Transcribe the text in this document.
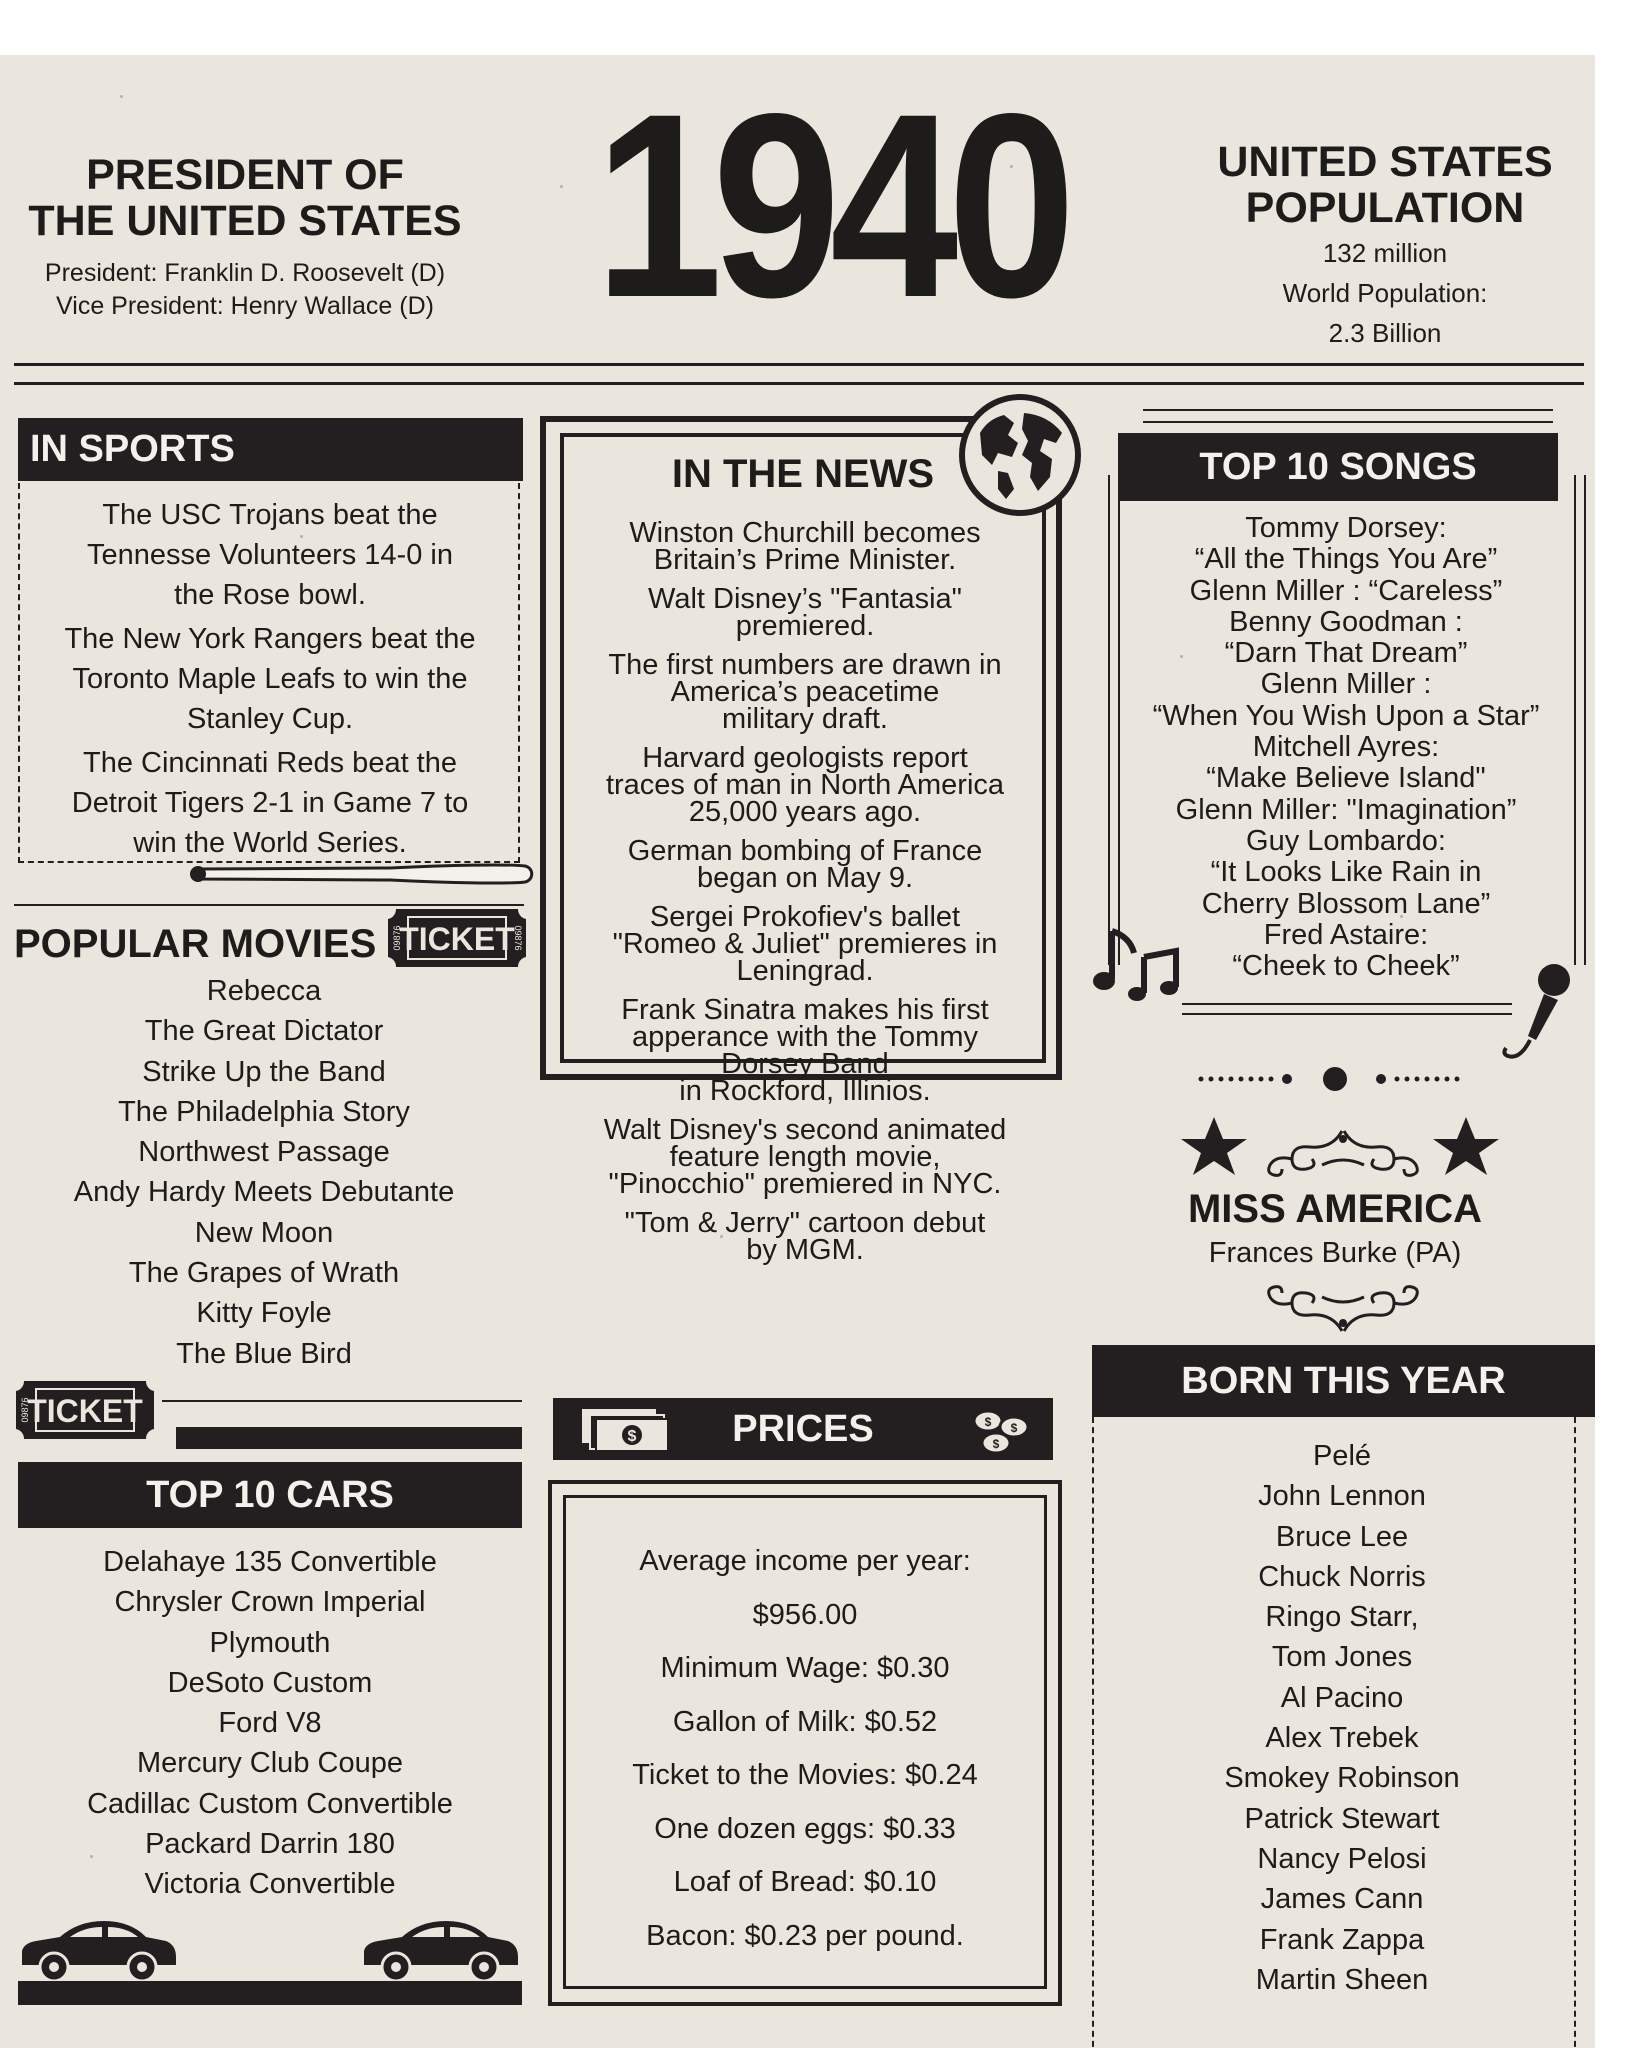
PRESIDENT OF
THE UNITED STATES
President: Franklin D. Roosevelt (D)
Vice President: Henry Wallace (D) 1940	UNITED STATES
POPULATION
132 million
World Population:
2.3 Billion
IN SPORTS
The USC Trojans beat the
Tennesse Volunteers 14-0 in
the Rose bowl.
The New York Rangers beat the
Toronto Maple Leafs to win the
Stanley Cup.
The Cincinnati Reds beat the
Detroit Tigers 2-1 in Game 7 to
win the World Series.
POPULAR MOVIES TICKET
09876	09876
Rebecca
The Great Dictator
Strike Up the Band
The Philadelphia Story
Northwest Passage
Andy Hardy Meets Debutante
New Moon
The Grapes of Wrath
Kitty Foyle
The Blue Bird
TICKET
09876
TOP 10 CARS
Delahaye 135 Convertible
Chrysler Crown Imperial
Plymouth
DeSoto Custom
Ford V8
Mercury Club Coupe
Cadillac Custom Convertible
Packard Darrin 180
Victoria Convertible
IN THE NEWS

Winston Churchill becomes
Britain’s Prime Minister.

Walt Disney’s "Fantasia"
premiered.

The first numbers are drawn in
America’s peacetime
military draft.

Harvard geologists report
traces of man in North America
25,000 years ago.

German bombing of France
began on May 9.

Sergei Prokofiev's ballet
"Romeo & Juliet" premieres in
Leningrad.

Frank Sinatra makes his first
apperance with the Tommy
Dorsey Band
in Rockford, Illinios.

Walt Disney's second animated
feature length movie,
"Pinocchio" premiered in NYC.

"Tom & Jerry" cartoon debut
by MGM.

PRICES
$
$ $
$
Average income per year:
$956.00
Minimum Wage: $0.30
Gallon of Milk: $0.52
Ticket to the Movies: $0.24
One dozen eggs: $0.33
Loaf of Bread: $0.10
Bacon: $0.23 per pound.
TOP 10 SONGS
Tommy Dorsey:
“All the Things You Are”
Glenn Miller : “Careless”
Benny Goodman :
“Darn That Dream”
Glenn Miller :
“When You Wish Upon a Star”
Mitchell Ayres:
“Make Believe Island"
Glenn Miller: "Imagination”
Guy Lombardo:
“It Looks Like Rain in
Cherry Blossom Lane”
Fred Astaire:
“Cheek to Cheek”
MISS AMERICA
Frances Burke (PA)
BORN THIS YEAR
Pelé
John Lennon
Bruce Lee
Chuck Norris
Ringo Starr,
Tom Jones
Al Pacino
Alex Trebek
Smokey Robinson
Patrick Stewart
Nancy Pelosi
James Cann
Frank Zappa
Martin Sheen
